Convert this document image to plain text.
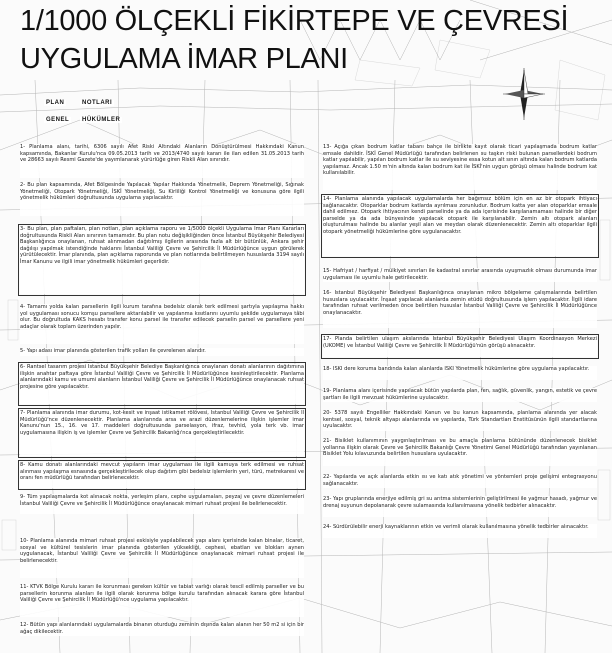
1/1000 ÖLÇEKLİ FİKİRTEPE VE ÇEVRESİ
UYGULAMA İMAR PLANI
PLAN	NOTLARI
GENEL	HÜKÜMLER

1- Planlama alanı, tarihi, 6306 sayılı Afet Riski Altındaki Alanların Dönüştürülmesi Hakkındaki Kanun kapsamında, Bakanlar Kurulu'nca 09.05.2013 tarih ve 2013/4740 sayılı kararı ile ilan edilen 31.05.2013 tarih ve 28663 sayılı Resmi Gazete'de yayımlanarak yürürlüğe giren Riskli Alan sınırıdır.

2- Bu plan kapsamında, Afet Bölgesinde Yapılacak Yapılar Hakkında Yönetmelik, Deprem Yönetmeliği, Sığınak Yönetmeliği, Otopark Yönetmeliği, İSKİ Yönetmeliği, Su Kirliliği Kontrol Yönetmeliği ve konusuna göre ilgili yönetmelik hükümleri doğrultusunda uygulama yapılacaktır.

3- Bu plan, plan paftaları, plan notları, plan açıklama raporu ve 1/5000 ölçekli Uygulama İmar Planı Kararları doğrultusunda Riskli Alan sınırının tamamıdır. Bu plan notu değişikliğinden önce İstanbul Büyükşehir Belediyesi Başkanlığınca onaylanan, ruhsat alınmadan dağıtılmış ilgilerin arasında fazla alt bir bütünlük, Ankara şehir dağılışı yapılmak istendiğinde haklarını İstanbul Valiliği Çevre ve Şehircilik İl Müdürlüğünce uygun görülerek yürütülecektir. İmar planında, plan açıklama raporunda ve plan notlarında belirtilmeyen hususlarda 3194 sayılı İmar Kanunu ve ilgili imar yönetmelik hükümleri geçerlidir.

4- Tamamı yolda kalan parsellerin ilgili kurum tarafına bedelsiz olarak terk edilmesi şartıyla yapılaşma hakkı yol uygulaması sonucu komşu parsellere aktarılabilir ve yapılanma kısıtlarını uyumlu şekilde uygulamaya tâbi olur. Bu doğrultuda KAKS hesabı transfer konu parsel ile transfer edilecek parselin parsel ve parsellere yeni adaçlar olarak toplam üzerinden yapılır.

5- Yapı adası imar planında gösterilen trafik yolları ile çevrelenen alandır.

6- Rantsel tasarım projesi İstanbul Büyükşehir Belediye Başkanlığınca onaylanan donatı alanlarının dağıtımına ilişkin anahtar paftaya göre İstanbul Valiliği Çevre ve Şehircilik İl Müdürlüğünce kesinleştirilecektir. Planlama alanlarındaki kamu ve umumi alanların İstanbul Valiliği Çevre ve Şehircilik İl Müdürlüğünce onaylanacak ruhsat projesine göre yapılacaktır.

7- Planlama alanında imar durumu, kot-kesit ve inşaat istikamet rölövesi, İstanbul Valiliği Çevre ve Şehircilik İl Müdürlüğü'nce düzenlenecektir. Planlama alanlarında arsa ve arazi düzenlemelerine ilişkin işlemler imar Kanunu'nun 15., 16. ve 17. maddeleri doğrultusunda parselasyon, ifraz, tevhid, yola terk vb. imar uygulamasına ilişkin iş ve işlemler Çevre ve Şehircilik Bakanlığı'nca gerçekleştirilecektir.

8- Kamu donatı alanlarındaki mevcut yapıların imar uygulaması ile ilgili kamuya terk edilmesi ve ruhsat alınması yapılaşma esnasında gerçekleştirilecek olup dağıtım gibi bedelsiz işlemlerin yeri, türü, metrekaresi ve oranı fen müdürlüğü tarafından belirlenecektir.

9- Tüm yapılaşmalarda kot alınacak nokta, yerleşim planı, cephe uygulamaları, peyzaj ve çevre düzenlemeleri İstanbul Valiliği Çevre ve Şehircilik İl Müdürlüğünce onaylanacak mimari ruhsat projesi ile belirlenecektir.

10- Planlama alanında mimari ruhsat projesi eskisiyle yapılabilecek yapı alanı içerisinde kalan binalar, ticaret, sosyal ve kültürel tesislerin imar planında gösterilen yüksekliği, cephesi, ebatları ve blokları aynen uygulanacak, İstanbul Valiliği Çevre ve Şehircilik İl Müdürlüğünce onaylanacak mimari ruhsat projesi ile belirlenecektir.

11- KTVK Bölge Kurulu kararı ile korunması gereken kültür ve tabiat varlığı olarak tescil edilmiş parseller ve bu parsellerin korunma alanları ile ilgili olarak korunma bölge kurulu tarafından alınacak karara göre İstanbul Valiliği Çevre ve Şehircilik İl Müdürlüğü'nce uygulama yapılacaktır.

12- Bütün yapı alanlarındaki uygulamalarda binanın oturduğu zeminin dışında kalan alanın her 50 m2 si için bir ağaç dikilecektir.

13- Açığa çıkan bodrum katlar tabanı bahçe ile birlikte kayıt olarak ticari yapılaşmada bodrum katlar emsale dahildir. İSKİ Genel Müdürlüğü tarafından belirlenen su taşkın riski bulunan parsellerdeki bodrum katlar yapılabilir, yapılan bodrum katlar ile su seviyesine essa kotun alt sınırı altında kalan bodrum katlarda yapılamaz. Ancak 1.50 m'nin altında kalan bodrum kat ile İSKİ'nin uygun görüşü olması halinde bodrum kat kullanılabilir.

14- Planlama alanında yapılacak uygulamalarda her bağımsız bölüm için en az bir otopark ihtiyacı sağlanacaktır. Otoparklar bodrum katlarda ayrılması zorunludur. Bodrum katta yer alan otoparklar emsale dahil edilmez. Otopark ihtiyacının kendi parselinde ya da ada içerisinde karşılanamaması halinde bir diğer parselde ya da ada bünyesinde yapılacak otopark ile karşılanabilir. Zemin altı otopark alanları oluşturulması halinde bu alanlar yeşil alan ve meydan olarak düzenlenecektir. Zemin altı otoparklar ilgili otopark yönetmeliği hükümlerine göre uygulanacaktır.

15- Hafriyat / harfiyat / mülkiyet sınırları ile kadastral sınırlar arasında uyuşmazlık olması durumunda imar uygulaması ile uyumlu hale getirilecektir.

16- İstanbul Büyükşehir Belediyesi Başkanlığınca onaylanan mikro bölgeleme çalışmalarında belirtilen hususlara uyulacaktır. İnşaat yapılacak alanlarda zemin etüdü doğrultusunda işlem yapılacaktır. İlgili idare tarafından ruhsat verilmeden önce belirtilen hususlar İstanbul Valiliği Çevre ve Şehircilik İl Müdürlüğünce onaylanacaktır.

17- Planda belirtilen ulaşım akslarında İstanbul Büyükşehir Belediyesi Ulaşım Koordinasyon Merkezi (UKOME) ve İstanbul Valiliği Çevre ve Şehircilik İl Müdürlüğü'nün görüşü alınacaktır.

18- İSKİ dere koruma bandında kalan alanlarda İSKİ Yönetmelik hükümlerine göre uygulama yapılacaktır.

19- Planlama alanı içerisinde yapılacak bütün yapılarda plan, fen, sağlık, güvenlik, yangın, estetik ve çevre şartları ile ilgili mevzuat hükümlerine uyulacaktır.

20- 5378 sayılı Engelliler Hakkındaki Kanun ve bu kanun kapsamında, planlama alanında yer alacak kentsel, sosyal, teknik altyapı alanlarında ve yapılarda, Türk Standartları Enstitüsünün ilgili standartlarına uyulacaktır.

21- Bisiklet kullanımının yaygınlaştırılması ve bu amaçla planlama bütününde düzenlenecek bisiklet yollarına ilişkin olarak Çevre ve Şehircilik Bakanlığı Çevre Yönetimi Genel Müdürlüğü tarafından yayınlanan Bisiklet Yolu kılavuzunda belirtilen hususlara uyulacaktır.

22- Yapılarda ve açık alanlarda etkin ısı ve katı atık yönetimi ve yöntemleri proje gelişimi entegrasyonu sağlanacaktır.

23- Yapı gruplarında enerjiye edilmiş gri su arıtma sistemlerinin geliştirilmesi ile yağmur hasadı, yağmur ve drenaj suyunun depolanarak çevre sulamasında kullanılmasına yönelik tedbirler alınacaktır.

24- Sürdürülebilir enerji kaynaklarının etkin ve verimli olarak kullanılmasına yönelik tedbirler alınacaktır.
